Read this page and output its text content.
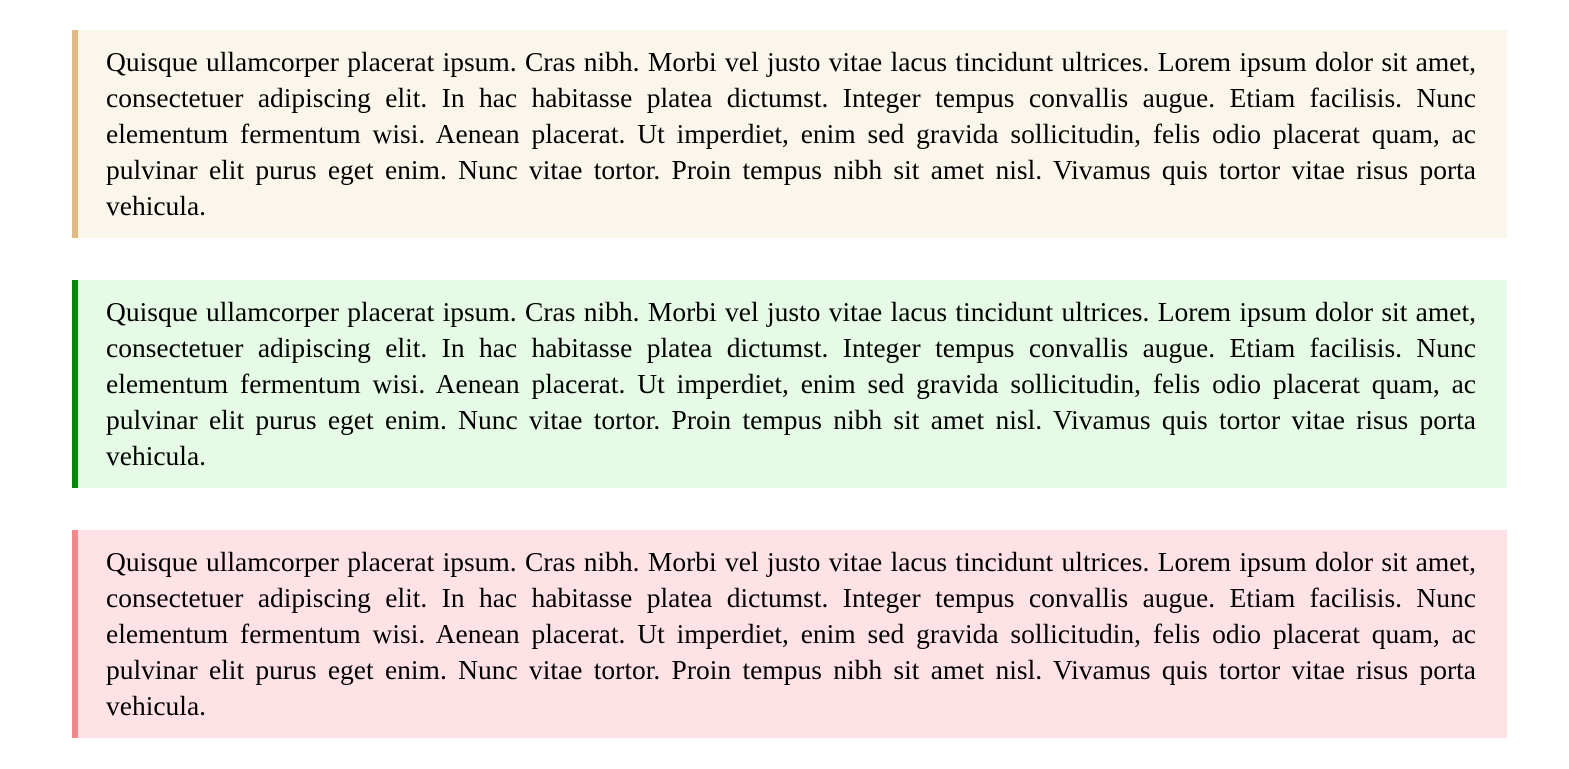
Quisque ullamcorper placerat ipsum. Cras nibh. Morbi vel justo vitae lacus tincidunt ultrices. Lorem ipsum dolor sit amet, consectetuer adipiscing elit. In hac habitasse platea dictumst. Integer tempus convallis augue. Etiam facilisis. Nunc elementum fermentum wisi. Aenean placerat. Ut imperdiet, enim sed gravida sollicitudin, felis odio placerat quam, ac pulvinar elit purus eget enim. Nunc vitae tortor. Proin tempus nibh sit amet nisl. Vivamus quis tortor vitae risus porta vehicula.

Quisque ullamcorper placerat ipsum. Cras nibh. Morbi vel justo vitae lacus tincidunt ultrices. Lorem ipsum dolor sit amet, consectetuer adipiscing elit. In hac habitasse platea dictumst. Integer tempus convallis augue. Etiam facilisis. Nunc elementum fermentum wisi. Aenean placerat. Ut imperdiet, enim sed gravida sollicitudin, felis odio placerat quam, ac pulvinar elit purus eget enim. Nunc vitae tortor. Proin tempus nibh sit amet nisl. Vivamus quis tortor vitae risus porta vehicula.

Quisque ullamcorper placerat ipsum. Cras nibh. Morbi vel justo vitae lacus tincidunt ultrices. Lorem ipsum dolor sit amet, consectetuer adipiscing elit. In hac habitasse platea dictumst. Integer tempus convallis augue. Etiam facilisis. Nunc elementum fermentum wisi. Aenean placerat. Ut imperdiet, enim sed gravida sollicitudin, felis odio placerat quam, ac pulvinar elit purus eget enim. Nunc vitae tortor. Proin tempus nibh sit amet nisl. Vivamus quis tortor vitae risus porta vehicula.
